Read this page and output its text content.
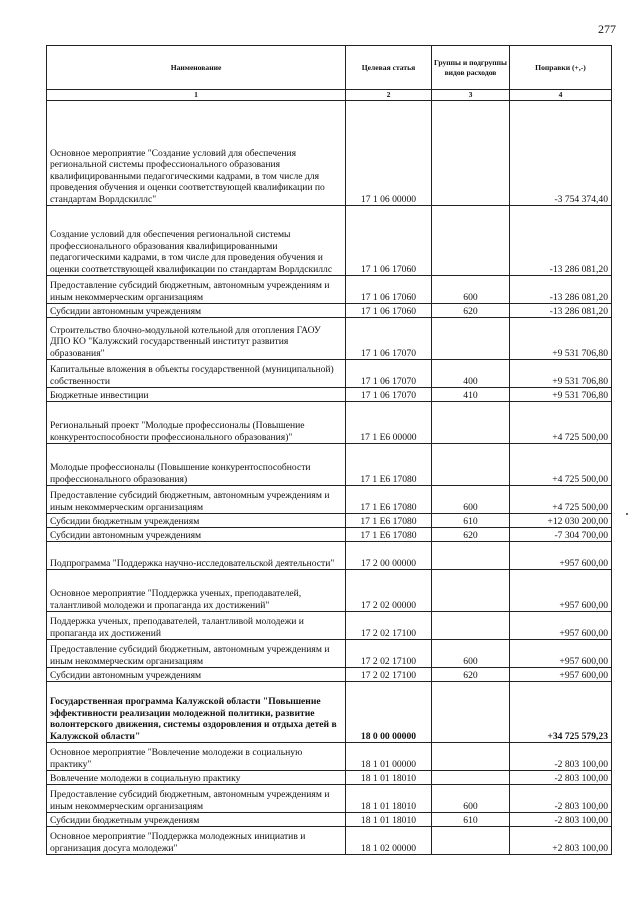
277
Наименование	Целевая статья	Группы и подгруппы видов расходов	Поправки (+,-)
1	2	3	4
Основное мероприятие "Создание условий для обеспечения региональной системы профессионального образования квалифицированными педагогическими кадрами, в том числе для проведения обучения и оценки соответствующей квалификации по стандартам Ворлдскиллс"	17 1 06 00000		-3 754 374,40
Создание условий для обеспечения региональной системы профессионального образования квалифицированными педагогическими кадрами, в том числе для проведения обучения и оценки соответствующей квалификации по стандартам Ворлдскиллс	17 1 06 17060		-13 286 081,20
Предоставление субсидий бюджетным, автономным учреждениям и иным некоммерческим организациям	17 1 06 17060	600	-13 286 081,20
Субсидии автономным учреждениям	17 1 06 17060	620	-13 286 081,20
Строительство блочно-модульной котельной для отопления ГАОУ ДПО КО "Калужский государственный институт развития образования"	17 1 06 17070		+9 531 706,80
Капитальные вложения в объекты государственной (муниципальной) собственности	17 1 06 17070	400	+9 531 706,80
Бюджетные инвестиции	17 1 06 17070	410	+9 531 706,80
Региональный проект "Молодые профессионалы (Повышение конкурентоспособности профессионального образования)"	17 1 Е6 00000		+4 725 500,00
Молодые профессионалы (Повышение конкурентоспособности профессионального образования)	17 1 Е6 17080		+4 725 500,00
Предоставление субсидий бюджетным, автономным учреждениям и иным некоммерческим организациям	17 1 Е6 17080	600	+4 725 500,00
Субсидии бюджетным учреждениям	17 1 Е6 17080	610	+12 030 200,00
Субсидии автономным учреждениям	17 1 Е6 17080	620	-7 304 700,00
Подпрограмма "Поддержка научно-исследовательской деятельности"	17 2 00 00000		+957 600,00
Основное мероприятие "Поддержка ученых, преподавателей, талантливой молодежи и пропаганда их достижений"	17 2 02 00000		+957 600,00
Поддержка ученых, преподавателей, талантливой молодежи и пропаганда их достижений	17 2 02 17100		+957 600,00
Предоставление субсидий бюджетным, автономным учреждениям и иным некоммерческим организациям	17 2 02 17100	600	+957 600,00
Субсидии автономным учреждениям	17 2 02 17100	620	+957 600,00
Государственная программа Калужской области "Повышение эффективности реализации молодежной политики, развитие волонтерского движения, системы оздоровления и отдыха детей в Калужской области"	18 0 00 00000		+34 725 579,23
Основное мероприятие "Вовлечение молодежи в социальную практику"	18 1 01 00000		-2 803 100,00
Вовлечение молодежи в социальную практику	18 1 01 18010		-2 803 100,00
Предоставление субсидий бюджетным, автономным учреждениям и иным некоммерческим организациям	18 1 01 18010	600	-2 803 100,00
Субсидии бюджетным учреждениям	18 1 01 18010	610	-2 803 100,00
Основное мероприятие "Поддержка молодежных инициатив и организация досуга молодежи"	18 1 02 00000		+2 803 100,00
